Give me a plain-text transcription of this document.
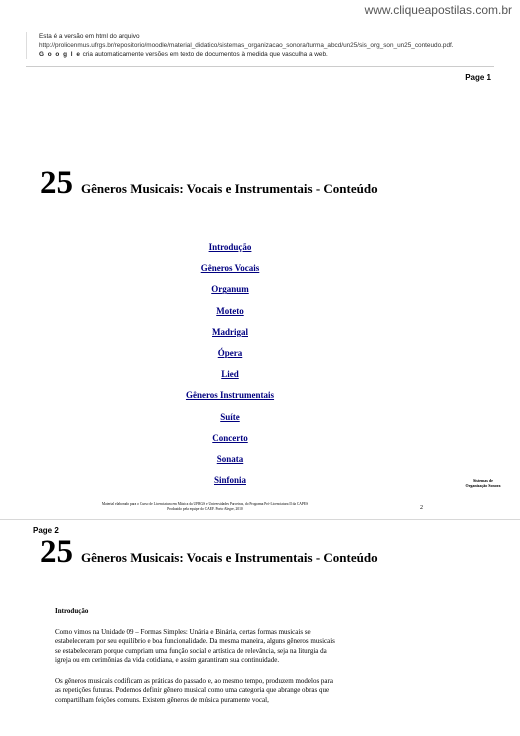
www.cliqueapostilas.com.br
Esta é a versão em html do arquivo
http://prolicenmus.ufrgs.br/repositorio/moodle/material_didatico/sistemas_organizacao_sonora/turma_abcd/un25/sis_org_son_un25_conteudo.pdf.
G o o g l e cria automaticamente versões em texto de documentos à medida que vasculha a web.
Page 1
25 Gêneros Musicais: Vocais e Instrumentais - Conteúdo
Introdução
Gêneros Vocais
Organum
Moteto
Madrigal
Ópera
Lied
Gêneros Instrumentais
Suíte
Concerto
Sonata
Sinfonia	Sistemas de
Organização Sonora
Material elaborado para o Curso de Licenciatura em Música da UFRGS e Universidades Parceiras, do Programa Pró-Licenciatura II da CAPES
Produzido pela equipe do CAEF. Porto Alegre, 2010	2
Page 2
25 Gêneros Musicais: Vocais e Instrumentais - Conteúdo
Introdução

Como vimos na Unidade 09 – Formas Simples: Unária e Binária, certas formas musicais se estabeleceram por seu equilíbrio e boa funcionalidade. Da mesma maneira, alguns gêneros musicais se estabeleceram porque cumpriam uma função social e artística de relevância, seja na liturgia da igreja ou em cerimônias da vida cotidiana, e assim garantiram sua continuidade.

Os gêneros musicais codificam as práticas do passado e, ao mesmo tempo, produzem modelos para as repetições futuras. Podemos definir gênero musical como uma categoria que abrange obras que compartilham feições comuns. Existem gêneros de música puramente vocal,
